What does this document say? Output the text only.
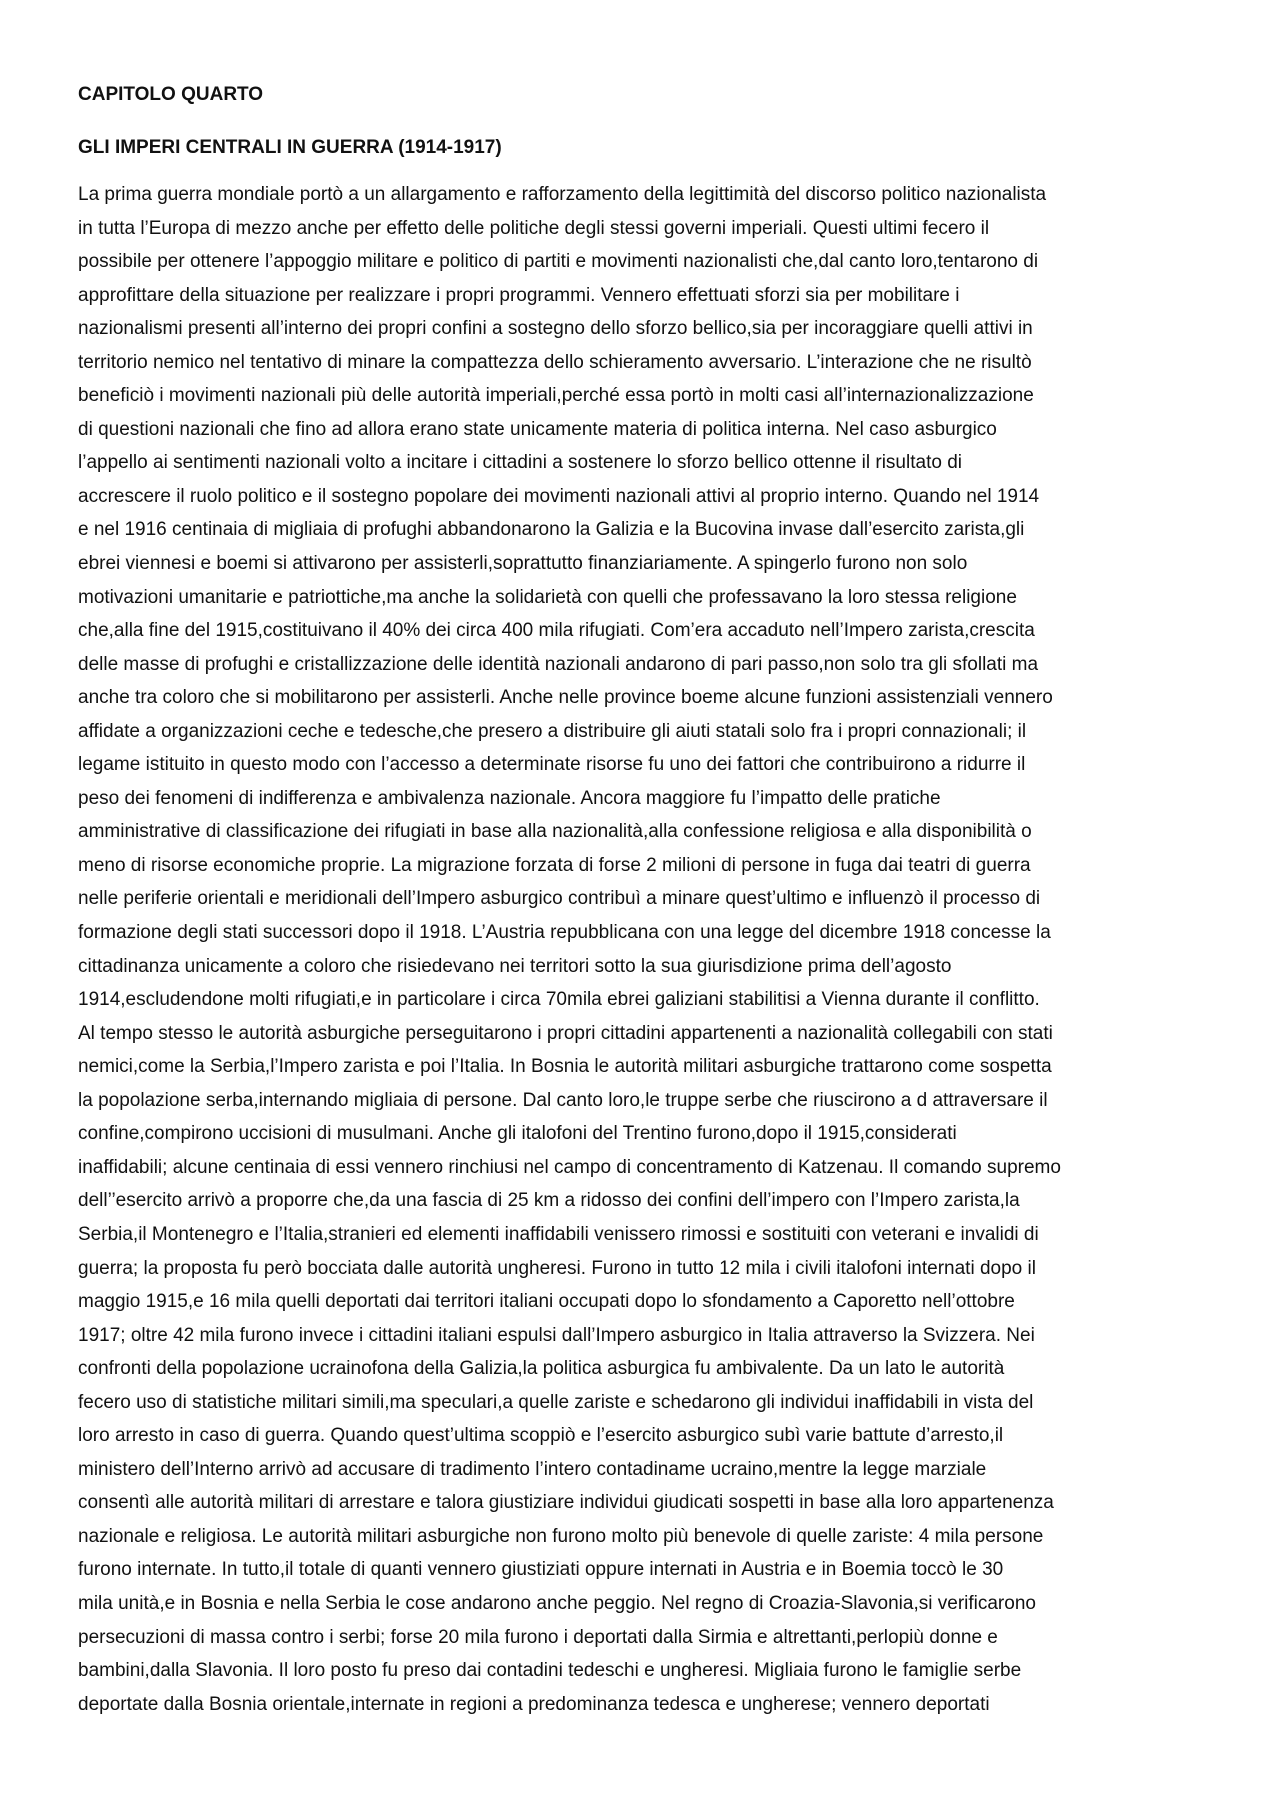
CAPITOLO QUARTO
GLI IMPERI CENTRALI IN GUERRA (1914-1917)
La prima guerra mondiale portò a un allargamento e rafforzamento della legittimità del discorso politico nazionalista
in tutta l’Europa di mezzo anche per effetto delle politiche degli stessi governi imperiali. Questi ultimi fecero il
possibile per ottenere l’appoggio militare e politico di partiti e movimenti nazionalisti che,dal canto loro,tentarono di
approfittare della situazione per realizzare i propri programmi. Vennero effettuati sforzi sia per mobilitare i
nazionalismi presenti all’interno dei propri confini a sostegno dello sforzo bellico,sia per incoraggiare quelli attivi in
territorio nemico nel tentativo di minare la compattezza dello schieramento avversario. L’interazione che ne risultò
beneficiò i movimenti nazionali più delle autorità imperiali,perché essa portò in molti casi all’internazionalizzazione
di questioni nazionali che fino ad allora erano state unicamente materia di politica interna. Nel caso asburgico
l’appello ai sentimenti nazionali volto a incitare i cittadini a sostenere lo sforzo bellico ottenne il risultato di
accrescere il ruolo politico e il sostegno popolare dei movimenti nazionali attivi al proprio interno. Quando nel 1914
e nel 1916 centinaia di migliaia di profughi abbandonarono la Galizia e la Bucovina invase dall’esercito zarista,gli
ebrei viennesi e boemi si attivarono per assisterli,soprattutto finanziariamente. A spingerlo furono non solo
motivazioni umanitarie e patriottiche,ma anche la solidarietà con quelli che professavano la loro stessa religione
che,alla fine del 1915,costituivano il 40% dei circa 400 mila rifugiati. Com’era accaduto nell’Impero zarista,crescita
delle masse di profughi e cristallizzazione delle identità nazionali andarono di pari passo,non solo tra gli sfollati ma
anche tra coloro che si mobilitarono per assisterli. Anche nelle province boeme alcune funzioni assistenziali vennero
affidate a organizzazioni ceche e tedesche,che presero a distribuire gli aiuti statali solo fra i propri connazionali; il
legame istituito in questo modo con l’accesso a determinate risorse fu uno dei fattori che contribuirono a ridurre il
peso dei fenomeni di indifferenza e ambivalenza nazionale. Ancora maggiore fu l’impatto delle pratiche
amministrative di classificazione dei rifugiati in base alla nazionalità,alla confessione religiosa e alla disponibilità o
meno di risorse economiche proprie. La migrazione forzata di forse 2 milioni di persone in fuga dai teatri di guerra
nelle periferie orientali e meridionali dell’Impero asburgico contribuì a minare quest’ultimo e influenzò il processo di
formazione degli stati successori dopo il 1918. L’Austria repubblicana con una legge del dicembre 1918 concesse la
cittadinanza unicamente a coloro che risiedevano nei territori sotto la sua giurisdizione prima dell’agosto
1914,escludendone molti rifugiati,e in particolare i circa 70mila ebrei galiziani stabilitisi a Vienna durante il conflitto.
Al tempo stesso le autorità asburgiche perseguitarono i propri cittadini appartenenti a nazionalità collegabili con stati
nemici,come la Serbia,l’Impero zarista e poi l’Italia. In Bosnia le autorità militari asburgiche trattarono come sospetta
la popolazione serba,internando migliaia di persone. Dal canto loro,le truppe serbe che riuscirono a d attraversare il
confine,compirono uccisioni di musulmani. Anche gli italofoni del Trentino furono,dopo il 1915,considerati
inaffidabili; alcune centinaia di essi vennero rinchiusi nel campo di concentramento di Katzenau. Il comando supremo
dell’’esercito arrivò a proporre che,da una fascia di 25 km a ridosso dei confini dell’impero con l’Impero zarista,la
Serbia,il Montenegro e l’Italia,stranieri ed elementi inaffidabili venissero rimossi e sostituiti con veterani e invalidi di
guerra; la proposta fu però bocciata dalle autorità ungheresi. Furono in tutto 12 mila i civili italofoni internati dopo il
maggio 1915,e 16 mila quelli deportati dai territori italiani occupati dopo lo sfondamento a Caporetto nell’ottobre
1917; oltre 42 mila furono invece i cittadini italiani espulsi dall’Impero asburgico in Italia attraverso la Svizzera. Nei
confronti della popolazione ucrainofona della Galizia,la politica asburgica fu ambivalente. Da un lato le autorità
fecero uso di statistiche militari simili,ma speculari,a quelle zariste e schedarono gli individui inaffidabili in vista del
loro arresto in caso di guerra. Quando quest’ultima scoppiò e l’esercito asburgico subì varie battute d’arresto,il
ministero dell’Interno arrivò ad accusare di tradimento l’intero contadiname ucraino,mentre la legge marziale
consentì alle autorità militari di arrestare e talora giustiziare individui giudicati sospetti in base alla loro appartenenza
nazionale e religiosa. Le autorità militari asburgiche non furono molto più benevole di quelle zariste: 4 mila persone
furono internate. In tutto,il totale di quanti vennero giustiziati oppure internati in Austria e in Boemia toccò le 30
mila unità,e in Bosnia e nella Serbia le cose andarono anche peggio. Nel regno di Croazia-Slavonia,si verificarono
persecuzioni di massa contro i serbi; forse 20 mila furono i deportati dalla Sirmia e altrettanti,perlopiù donne e
bambini,dalla Slavonia. Il loro posto fu preso dai contadini tedeschi e ungheresi. Migliaia furono le famiglie serbe
deportate dalla Bosnia orientale,internate in regioni a predominanza tedesca e ungherese; vennero deportati
